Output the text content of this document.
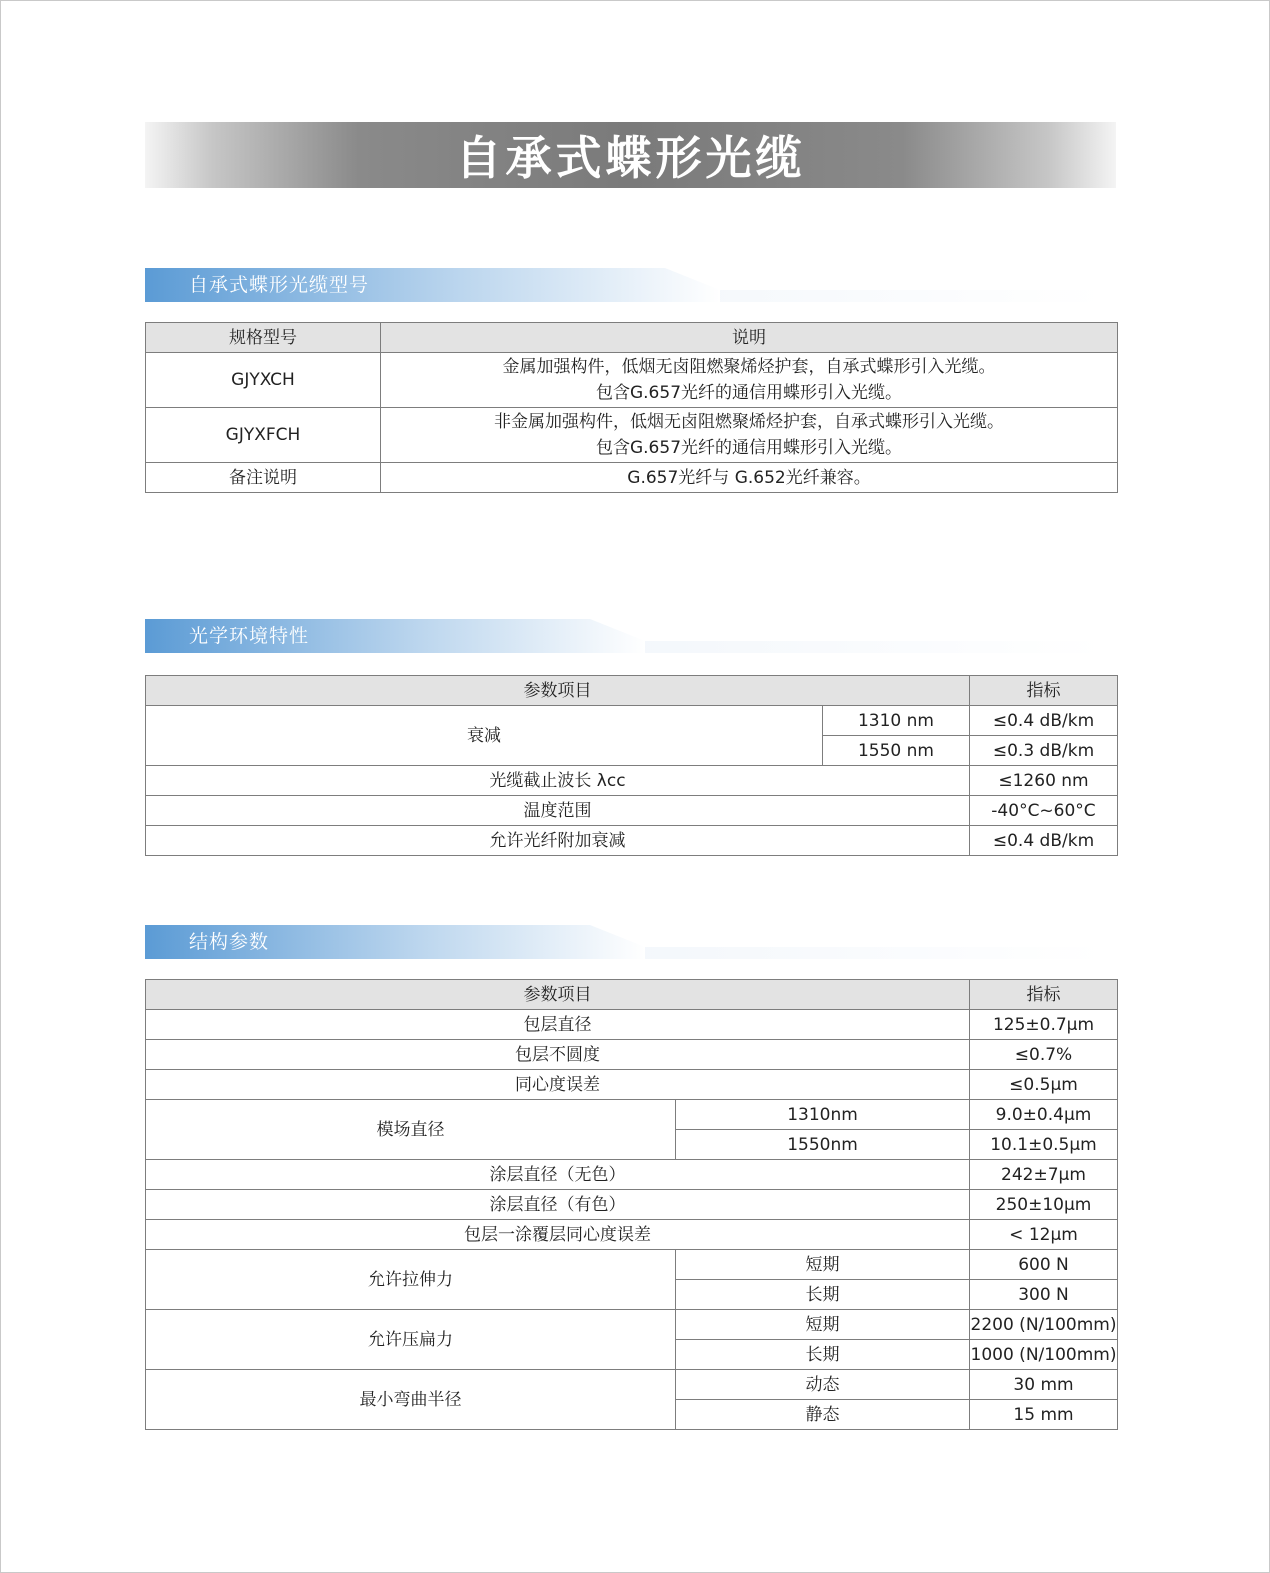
自承式蝶形光缆
自承式蝶形光缆型号
规格型号	说明
GJYXCH	金属加强构件，低烟无卤阻燃聚烯烃护套，自承式蝶形引入光缆。
包含G.657光纤的通信用蝶形引入光缆。

GJYXFCH	非金属加强构件，低烟无卤阻燃聚烯烃护套，自承式蝶形引入光缆。
包含G.657光纤的通信用蝶形引入光缆。

备注说明	G.657光纤与 G.652光纤兼容。
光学环境特性
参数项目		指标
衰减	1310 nm	≤0.4 dB/km
	1550 nm	≤0.3 dB/km
光缆截止波长 λcc		≤1260 nm
温度范围		-40°C~60°C
允许光纤附加衰减		≤0.4 dB/km
结构参数
参数项目		指标
包层直径		125±0.7μm
包层不圆度		≤0.7%
同心度误差		≤0.5μm
模场直径	1310nm	9.0±0.4μm
	1550nm	10.1±0.5μm
涂层直径（无色）		242±7μm
涂层直径（有色）		250±10μm
包层一涂覆层同心度误差		< 12μm
允许拉伸力	短期	600 N
	长期	300 N
允许压扁力	短期	2200 (N/100mm)
	长期	1000 (N/100mm)
最小弯曲半径	动态	30 mm
	静态	15 mm
